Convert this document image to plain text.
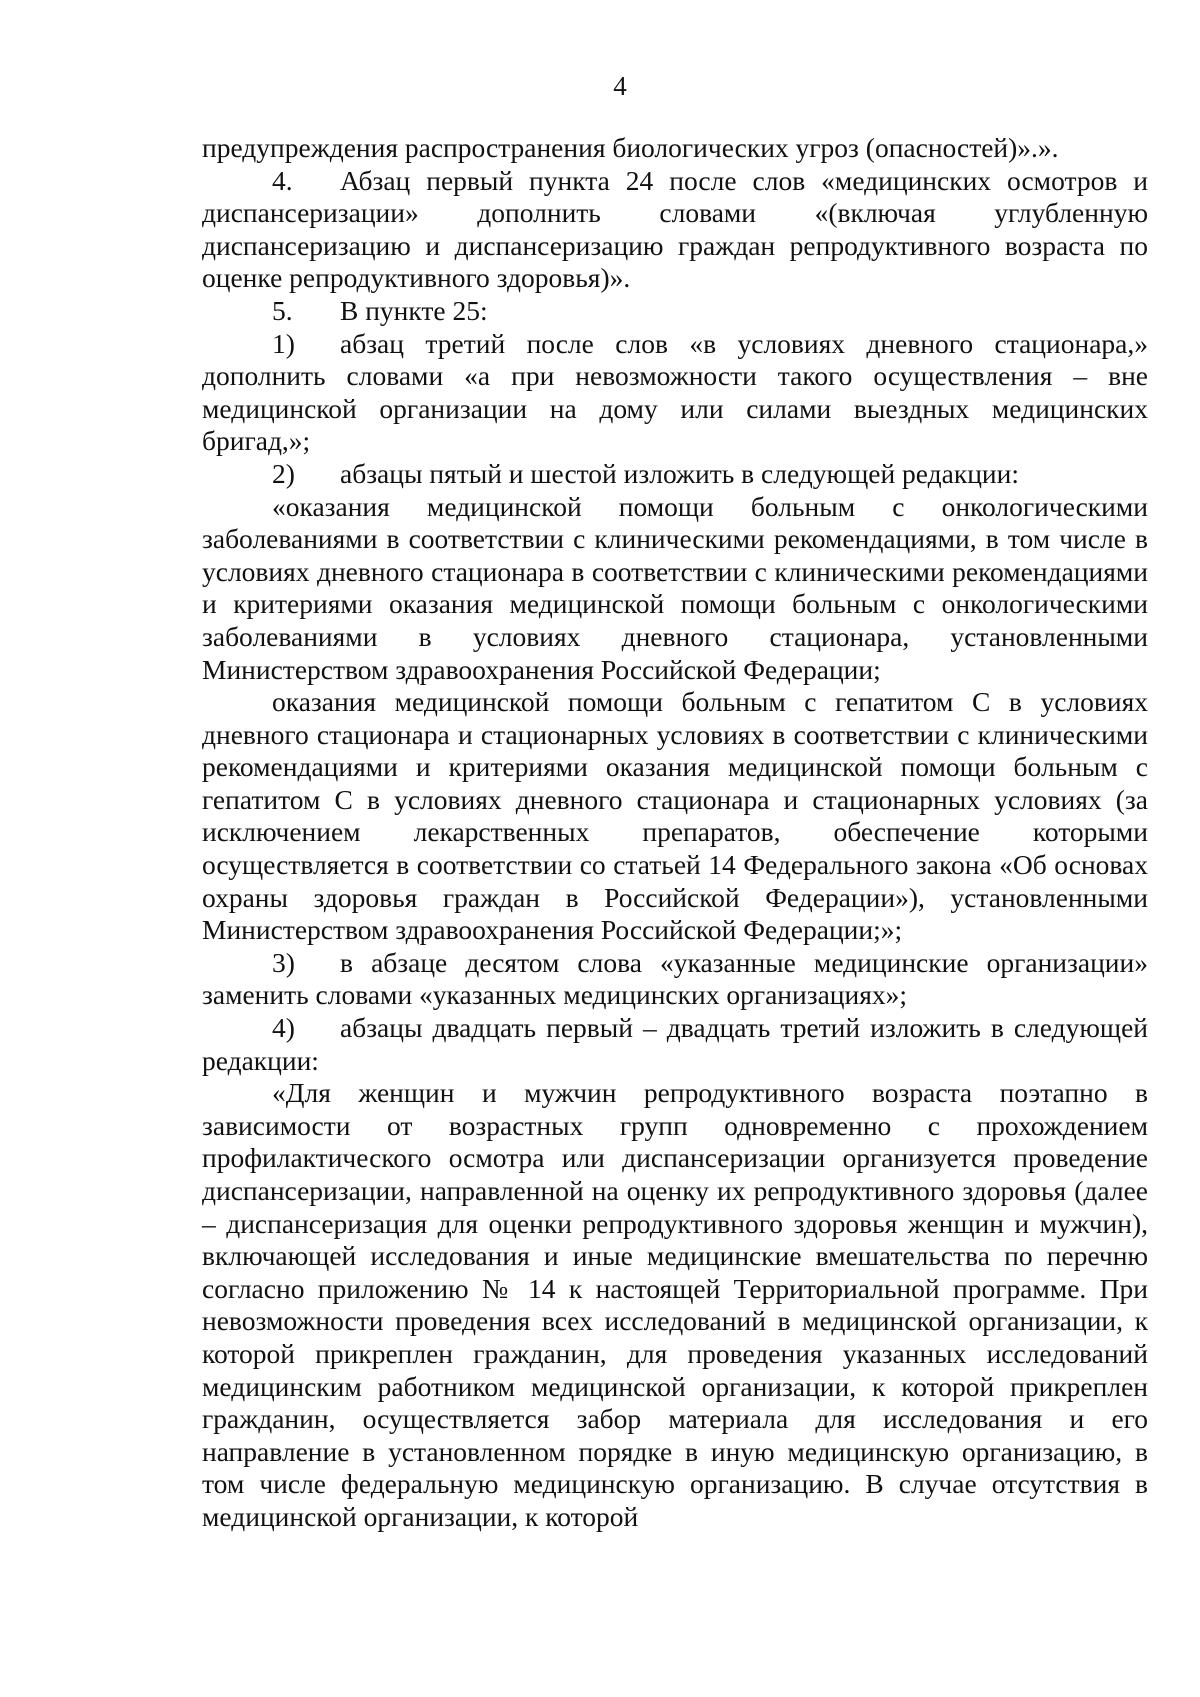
4

предупреждения распространения биологических угроз (опасностей)».».

4. Абзац первый пункта 24 после слов «медицинских осмотров и диспансеризации» дополнить словами «(включая углубленную диспансеризацию и диспансеризацию граждан репродуктивного возраста по оценке репродуктивного здоровья)».

5. В пункте 25:

1) абзац третий после слов «в условиях дневного стационара,» дополнить словами «а при невозможности такого осуществления – вне медицинской организации на дому или силами выездных медицинских бригад,»;

2) абзацы пятый и шестой изложить в следующей редакции:

«оказания медицинской помощи больным с онкологическими заболеваниями в соответствии с клиническими рекомендациями, в том числе в условиях дневного стационара в соответствии с клиническими рекомендациями и критериями оказания медицинской помощи больным с онкологическими заболеваниями в условиях дневного стационара, установленными Министерством здравоохранения Российской Федерации;

оказания медицинской помощи больным с гепатитом С в условиях дневного стационара и стационарных условиях в соответствии с клиническими рекомендациями и критериями оказания медицинской помощи больным с гепатитом С в условиях дневного стационара и стационарных условиях (за исключением лекарственных препаратов, обеспечение которыми осуществляется в соответствии со статьей 14 Федерального закона «Об основах охраны здоровья граждан в Российской Федерации»), установленными Министерством здравоохранения Российской Федерации;»;

3) в абзаце десятом слова «указанные медицинские организации» заменить словами «указанных медицинских организациях»;

4) абзацы двадцать первый – двадцать третий изложить в следующей редакции:

«Для женщин и мужчин репродуктивного возраста поэтапно в зависимости от возрастных групп одновременно с прохождением профилактического осмотра или диспансеризации организуется проведение диспансеризации, направленной на оценку их репродуктивного здоровья (далее – диспансеризация для оценки репродуктивного здоровья женщин и мужчин), включающей исследования и иные медицинские вмешательства по перечню согласно приложению № 14 к настоящей Территориальной программе. При невозможности проведения всех исследований в медицинской организации, к которой прикреплен гражданин, для проведения указанных исследований медицинским работником медицинской организации, к которой прикреплен гражданин, осуществляется забор материала для исследования и его направление в установленном порядке в иную медицинскую организацию, в том числе федеральную медицинскую организацию. В случае отсутствия в медицинской организации, к которой
